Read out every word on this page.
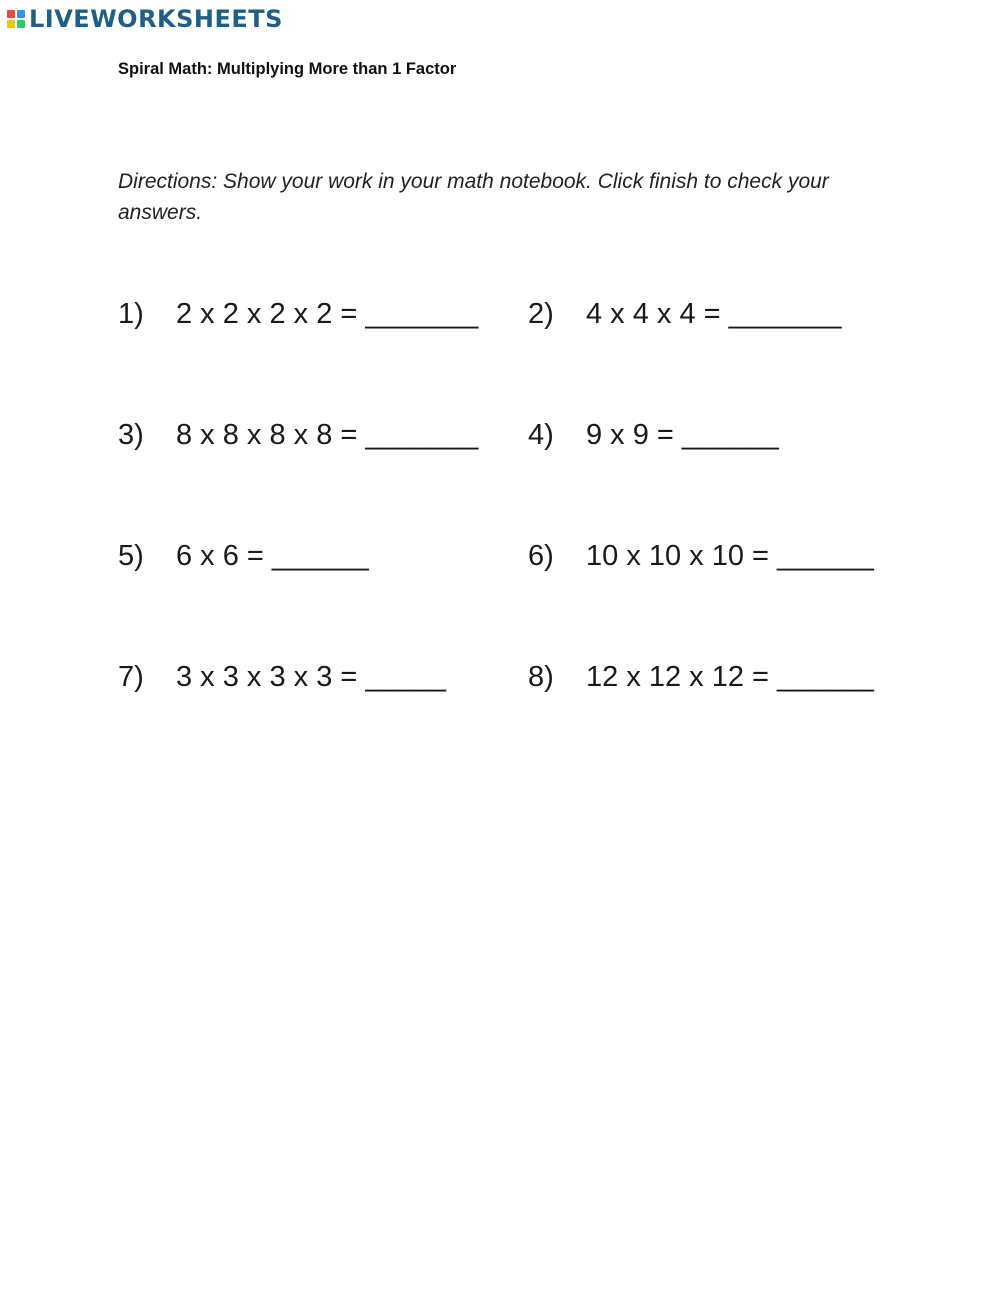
LIVEWORKSHEETS
Spiral Math: Multiplying More than 1 Factor
Directions: Show your work in your math notebook. Click finish to check your answers.
1) 2 x 2 x 2 x 2 = _______ 2) 4 x 4 x 4 = _______
3) 8 x 8 x 8 x 8 = _______ 4) 9 x 9 = ______
5) 6 x 6 = ______	6) 10 x 10 x 10 = ______
7) 3 x 3 x 3 x 3 = _____	8) 12 x 12 x 12 = ______
